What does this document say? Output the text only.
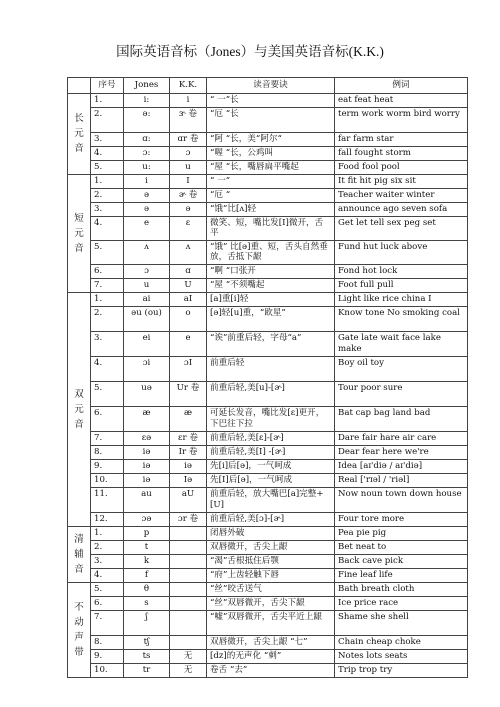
国际英语音标（Jones）与美国英语音标(K.K.)
	序号	Jones	K.K.	读音要诀	例词

长元音	1.	i:	i	“ 一”长	eat feat heat
	2.	ə:	ɝ 卷	“厄 “长	term work worm bird worry
	3.	ɑ:	ɑr 卷	“阿 “长，美“阿尔“	far farm star
	4.	ɔ:	ɔ	“喔 “长，公鸡叫	fall fought storm
	5.	u:	u	“屋 “长，嘴唇扁平嘴起	Food fool pool

短元音	1.	i	I	“ 一”	It fit hit pig six sit
	2.	ə	ɚ 卷	“厄 “	Teacher waiter winter
	3.	ə	ə	“饿”比[ʌ]轻	announce ago seven sofa
	4.	e	ɛ	微笑、短，嘴比发[I]微开，舌平	Get let tell sex peg set
	5.	ʌ	ʌ	“饿” 比[ə]重、短，舌头自然垂放，舌抵下龈	Fund hut luck above
	6.	ɔ	ɑ	“啊 “口张开	Fond hot lock
	7.	u	U	“屋 “不须嘴起	Foot full pull

双元音	1.	ai	aI	[a]重[i]轻	Light like rice china I
	2.	əu (ou)	o	[ə]轻[u]重，“欧星”	Know tone No smoking coal
	3.	ei	e	“诶”前重后轻，字母“a”	Gate late wait face lake make
	4.	ɔi	ɔI	前重后轻	Boy oil toy
	5.	uə	Ur 卷	前重后轻,美[u]-[ɚ]	Tour poor sure
	6.	æ	æ	可延长发音，嘴比发[ɛ]更开，下巴往下拉	Bat cap bag land bad
	7.	ɛə	ɛr 卷	前重后轻,美[ɛ]-[ɚ]	Dare fair hare air care
	8.	iə	Ir 卷	前重后轻,美[I] -[ɚ]	Dear fear here we're
	9.	iə	iə	先[i]后[ə]，一气呵成	Idea [aɪ'diə / aɪ'diə]
	10.	iə	Iə	先[I]后[ə]，一气呵成	Real ['rɪəl / 'riəl]
	11.	au	aU	前重后轻，放大嘴巴[a]完整+[U]	Now noun town down house
	12.	ɔə	ɔr 卷	前重后轻,美[ɔ]-[ɚ]	Four tore more

清辅音	1.	p		闭唇外破	Pea pie pig
	2.	t		双唇微开，舌尖上龈	Bet neat to
	3.	k		“渴”舌根抵住后颚	Back cave pick
	4.	f		“府”上齿轻触下唇	Fine leaf life

不动声带	5.	θ		“丝”咬舌送气	Bath breath cloth
	6.	s		“丝”双唇微开，舌尖下龈	Ice price race
	7.	ʃ		“嘘”双唇微开，舌尖平近上龈	Shame she shell
	8.	tʃ		双唇微开，舌尖上龈 “七”	Chain cheap choke
	9.	ts	无	[dz]的无声化 “刺”	Notes lots seats
	10.	tr	无	卷舌 “去”	Trip trop try
